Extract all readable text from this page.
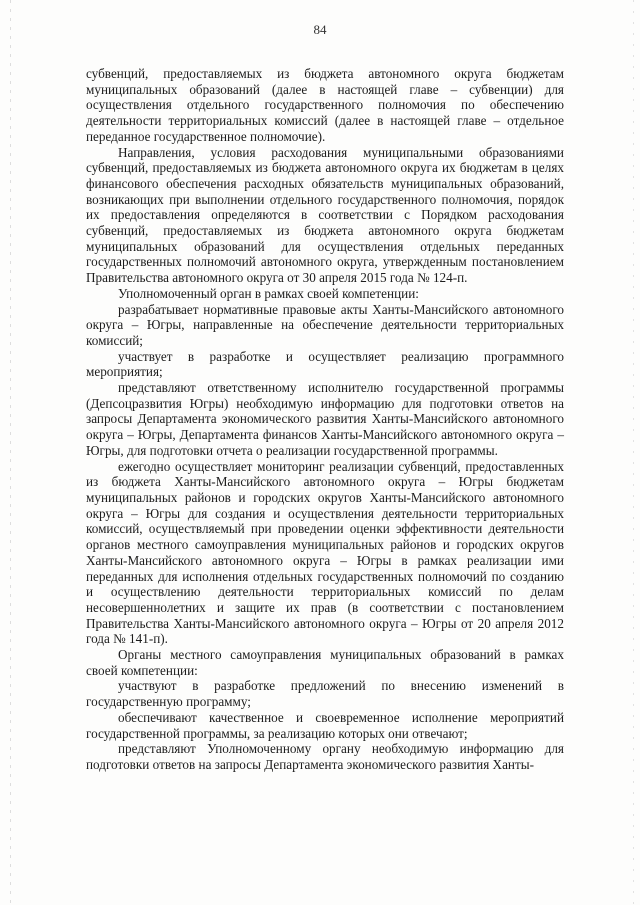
84

субвенций, предоставляемых из бюджета автономного округа бюджетам муниципальных образований (далее в настоящей главе – субвенции) для осуществления отдельного государственного полномочия по обеспечению деятельности территориальных комиссий (далее в настоящей главе – отдельное переданное государственное полномочие).

Направления, условия расходования муниципальными образованиями субвенций, предоставляемых из бюджета автономного округа их бюджетам в целях финансового обеспечения расходных обязательств муниципальных образований, возникающих при выполнении отдельного государственного полномочия, порядок их предоставления определяются в соответствии с Порядком расходования субвенций, предоставляемых из бюджета автономного округа бюджетам муниципальных образований для осуществления отдельных переданных государственных полномочий автономного округа, утвержденным постановлением Правительства автономного округа от 30 апреля 2015 года № 124-п.

Уполномоченный орган в рамках своей компетенции:

разрабатывает нормативные правовые акты Ханты-Мансийского автономного округа – Югры, направленные на обеспечение деятельности территориальных комиссий;

участвует в разработке и осуществляет реализацию программного мероприятия;

представляют ответственному исполнителю государственной программы (Депсоцразвития Югры) необходимую информацию для подготовки ответов на запросы Департамента экономического развития Ханты-Мансийского автономного округа – Югры, Департамента финансов Ханты-Мансийского автономного округа – Югры, для подготовки отчета о реализации государственной программы.

ежегодно осуществляет мониторинг реализации субвенций, предоставленных из бюджета Ханты-Мансийского автономного округа – Югры бюджетам муниципальных районов и городских округов Ханты-Мансийского автономного округа – Югры для создания и осуществления деятельности территориальных комиссий, осуществляемый при проведении оценки эффективности деятельности органов местного самоуправления муниципальных районов и городских округов Ханты-Мансийского автономного округа – Югры в рамках реализации ими переданных для исполнения отдельных государственных полномочий по созданию и осуществлению деятельности территориальных комиссий по делам несовершеннолетних и защите их прав (в соответствии с постановлением Правительства Ханты-Мансийского автономного округа – Югры от 20 апреля 2012 года № 141-п).

Органы местного самоуправления муниципальных образований в рамках своей компетенции:

участвуют в разработке предложений по внесению изменений в государственную программу;

обеспечивают качественное и своевременное исполнение мероприятий государственной программы, за реализацию которых они отвечают;

представляют Уполномоченному органу необходимую информацию для подготовки ответов на запросы Департамента экономического развития Ханты-
